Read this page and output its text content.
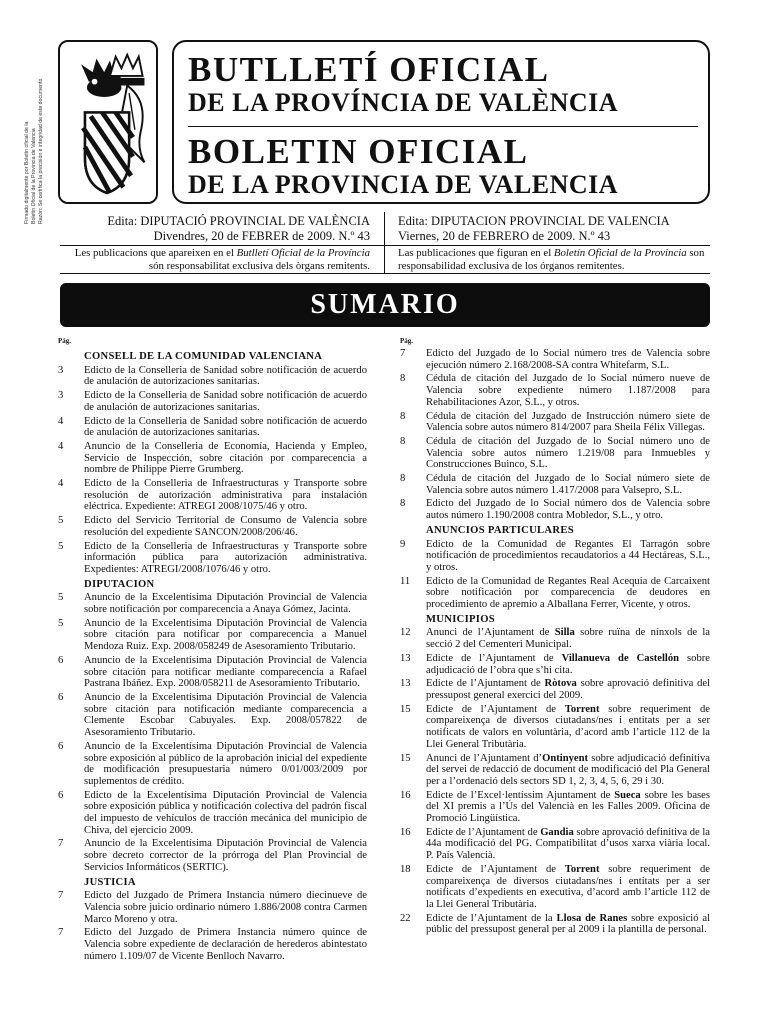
Firmado digitalmente por Boletín oficial de la Boletín Oficial de la Provincia de Valencia Razón: Se certifica la precisión e integridad de este documento
BUTLLETÍ OFICIAL
DE LA PROVÍNCIA DE VALÈNCIA
BOLETIN OFICIAL
DE LA PROVINCIA DE VALENCIA
Edita: DIPUTACIÓ PROVINCIAL DE VALÈNCIA
Divendres, 20 de FEBRER de 2009. N.º 43
Edita: DIPUTACION PROVINCIAL DE VALENCIA
Viernes, 20 de FEBRERO de 2009. N.º 43
Les publicacions que apareixen en el Butlletí Oficial de la Província són responsabilitat exclusiva dels òrgans remitents.
Las publicaciones que figuran en el Boletín Oficial de la Provincia son responsabilidad exclusiva de los órganos remitentes.
SUMARIO
Pág.
CONSELL DE LA COMUNIDAD VALENCIANA
3	Edicto de la Conselleria de Sanidad sobre notificación de acuerdo de anulación de autorizaciones sanitarias.
3	Edicto de la Conselleria de Sanidad sobre notificación de acuerdo de anulación de autorizaciones sanitarias.
4	Edicto de la Conselleria de Sanidad sobre notificación de acuerdo de anulación de autorizaciones sanitarias.
4	Anuncio de la Conselleria de Economía, Hacienda y Empleo, Servicio de Inspección, sobre citación por comparecencia a nombre de Philippe Pierre Grumberg.
4	Edicto de la Conselleria de Infraestructuras y Transporte sobre resolución de autorización administrativa para instalación eléctrica. Expediente: ATREGI 2008/1075/46 y otro.
5	Edicto del Servicio Territorial de Consumo de Valencia sobre resolución del expediente SANCON/2008/206/46.
5	Edicto de la Conselleria de Infraestructuras y Transporte sobre información pública para autorización administrativa. Expedientes: ATREGI/2008/1076/46 y otro.
DIPUTACION
5	Anuncio de la Excelentísima Diputación Provincial de Valencia sobre notificación por comparecencia a Anaya Gómez, Jacinta.
5	Anuncio de la Excelentísima Diputación Provincial de Valencia sobre citación para notificar por comparecencia a Manuel Mendoza Ruiz. Exp. 2008/058249 de Asesoramiento Tributario.
6	Anuncio de la Excelentísima Diputación Provincial de Valencia sobre citación para notificar mediante comparecencia a Rafael Pastrana Ibáñez. Exp. 2008/058211 de Asesoramiento Tributario.
6	Anuncio de la Excelentísima Diputación Provincial de Valencia sobre citación para notificación mediante comparecencia a Clemente Escobar Cabuyales. Exp. 2008/057822 de Asesoramiento Tributario.
6	Anuncio de la Excelentísima Diputación Provincial de Valencia sobre exposición al público de la aprobación inicial del expediente de modificación presupuestaria número 0/01/003/2009 por suplementos de crédito.
6	Edicto de la Excelentísima Diputación Provincial de Valencia sobre exposición pública y notificación colectiva del padrón fiscal del impuesto de vehículos de tracción mecánica del municipio de Chiva, del ejercicio 2009.
7	Anuncio de la Excelentísima Diputación Provincial de Valencia sobre decreto corrector de la prórroga del Plan Provincial de Servicios Informáticos (SERTIC).
JUSTICIA
7	Edicto del Juzgado de Primera Instancia número diecinueve de Valencia sobre juicio ordinario número 1.886/2008 contra Carmen Marco Moreno y otra.
7	Edicto del Juzgado de Primera Instancia número quince de Valencia sobre expediente de declaración de herederos abintestato número 1.109/07 de Vicente Benlloch Navarro.
Pág.
7	Edicto del Juzgado de lo Social número tres de Valencia sobre ejecución número 2.168/2008-SA contra Whitefarm, S.L.
8	Cédula de citación del Juzgado de lo Social número nueve de Valencia sobre expediente número 1.187/2008 para Rehabilitaciones Azor, S.L., y otros.
8	Cédula de citación del Juzgado de Instrucción número siete de Valencia sobre autos número 814/2007 para Sheila Félix Villegas.
8	Cédula de citación del Juzgado de lo Social número uno de Valencia sobre autos número 1.219/08 para Inmuebles y Construcciones Buinco, S.L.
8	Cédula de citación del Juzgado de lo Social número siete de Valencia sobre autos número 1.417/2008 para Valsepro, S.L.
8	Edicto del Juzgado de lo Social número dos de Valencia sobre autos número 1.190/2008 contra Mobledor, S.L., y otro.
ANUNCIOS PARTICULARES
9	Edicto de la Comunidad de Regantes El Tarragón sobre notificación de procedimientos recaudatorios a 44 Hectáreas, S.L., y otros.
11	Edicto de la Comunidad de Regantes Real Acequia de Carcaixent sobre notificación por comparecencia de deudores en procedimiento de apremio a Alballana Ferrer, Vicente, y otros.
MUNICIPIOS
12	Anunci de l’Ajuntament de Silla sobre ruïna de nínxols de la secció 2 del Cementeri Municipal.
13	Edicte de l’Ajuntament de Villanueva de Castellón sobre adjudicació de l’obra que s’hi cita.
13	Edicte de l’Ajuntament de Ròtova sobre aprovació definitiva del pressupost general exercici del 2009.
15	Edicte de l’Ajuntament de Torrent sobre requeriment de compareixença de diversos ciutadans/nes i entitats per a ser notificats de valors en voluntària, d’acord amb l’article 112 de la Llei General Tributària.
15	Anunci de l’Ajuntament d’Ontinyent sobre adjudicació definitiva del servei de redacció de document de modificació del Pla General per a l’ordenació dels sectors SD 1, 2, 3, 4, 5, 6, 29 i 30.
16	Edicte de l’Excel·lentíssim Ajuntament de Sueca sobre les bases del XI premis a l’Ús del Valencià en les Falles 2009. Oficina de Promoció Lingüística.
16	Edicte de l’Ajuntament de Gandia sobre aprovació definitiva de la 44a modificació del PG. Compatibilitat d’usos xarxa viària local. P. País Valencià.
18	Edicte de l’Ajuntament de Torrent sobre requeriment de compareixença de diversos ciutadans/nes i entitats per a ser notificats d’expedients en executiva, d’acord amb l’article 112 de la Llei General Tributària.
22	Edicte de l’Ajuntament de la Llosa de Ranes sobre exposició al públic del pressupost general per al 2009 i la plantilla de personal.
